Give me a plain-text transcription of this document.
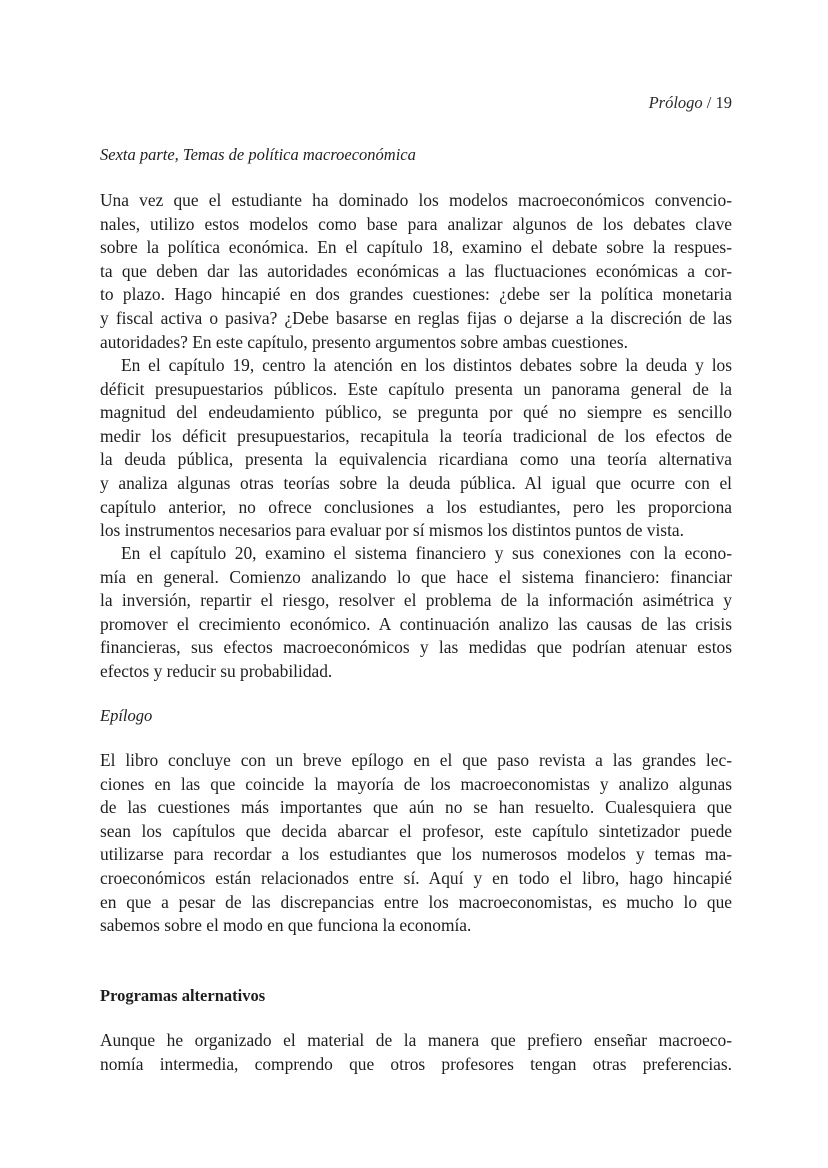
Prólogo / 19
Sexta parte, Temas de política macroeconómica
Una vez que el estudiante ha dominado los modelos macroeconómicos convencio-
nales, utilizo estos modelos como base para analizar algunos de los debates clave
sobre la política económica. En el capítulo 18, examino el debate sobre la respues-
ta que deben dar las autoridades económicas a las fluctuaciones económicas a cor-
to plazo. Hago hincapié en dos grandes cuestiones: ¿debe ser la política monetaria
y fiscal activa o pasiva? ¿Debe basarse en reglas fijas o dejarse a la discreción de las
autoridades? En este capítulo, presento argumentos sobre ambas cuestiones.
En el capítulo 19, centro la atención en los distintos debates sobre la deuda y los
déficit presupuestarios públicos. Este capítulo presenta un panorama general de la
magnitud del endeudamiento público, se pregunta por qué no siempre es sencillo
medir los déficit presupuestarios, recapitula la teoría tradicional de los efectos de
la deuda pública, presenta la equivalencia ricardiana como una teoría alternativa
y analiza algunas otras teorías sobre la deuda pública. Al igual que ocurre con el
capítulo anterior, no ofrece conclusiones a los estudiantes, pero les proporciona
los instrumentos necesarios para evaluar por sí mismos los distintos puntos de vista.
En el capítulo 20, examino el sistema financiero y sus conexiones con la econo-
mía en general. Comienzo analizando lo que hace el sistema financiero: financiar
la inversión, repartir el riesgo, resolver el problema de la información asimétrica y
promover el crecimiento económico. A continuación analizo las causas de las crisis
financieras, sus efectos macroeconómicos y las medidas que podrían atenuar estos
efectos y reducir su probabilidad.
Epílogo
El libro concluye con un breve epílogo en el que paso revista a las grandes lec-
ciones en las que coincide la mayoría de los macroeconomistas y analizo algunas
de las cuestiones más importantes que aún no se han resuelto. Cualesquiera que
sean los capítulos que decida abarcar el profesor, este capítulo sintetizador puede
utilizarse para recordar a los estudiantes que los numerosos modelos y temas ma-
croeconómicos están relacionados entre sí. Aquí y en todo el libro, hago hincapié
en que a pesar de las discrepancias entre los macroeconomistas, es mucho lo que
sabemos sobre el modo en que funciona la economía.
Programas alternativos
Aunque he organizado el material de la manera que prefiero enseñar macroeco-
nomía intermedia, comprendo que otros profesores tengan otras preferencias.
